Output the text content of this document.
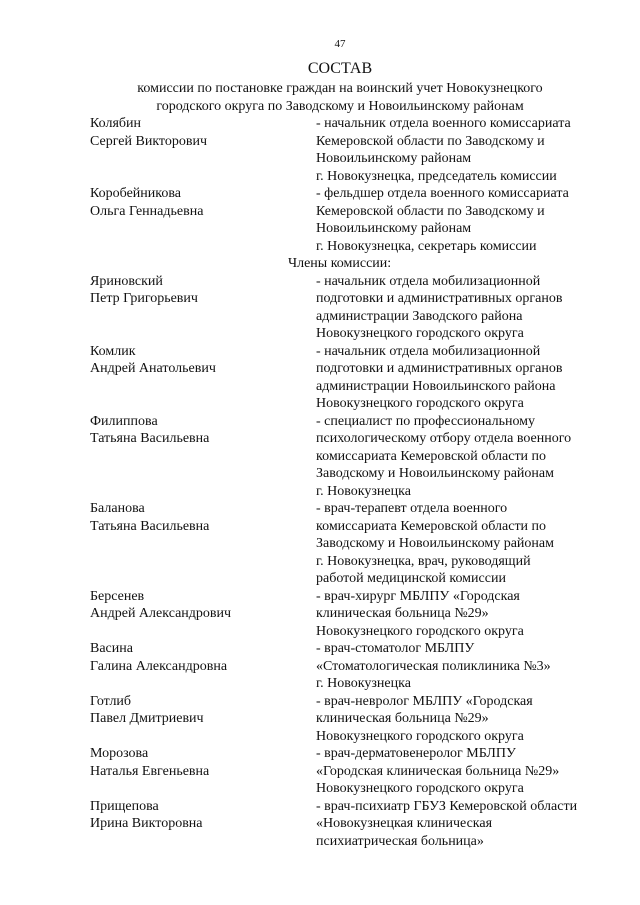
47
СОСТАВ
комиссии по постановке граждан на воинский учет Новокузнецкого
городского округа по Заводскому и Новоильинскому районам
Колябин
Сергей Викторович
- начальник отдела военного комиссариата
Кемеровской области по Заводскому и
Новоильинскому районам
г. Новокузнецка, председатель комиссии
Коробейникова
Ольга Геннадьевна
- фельдшер отдела военного комиссариата
Кемеровской области по Заводскому и
Новоильинскому районам
г. Новокузнецка, секретарь комиссии
Члены комиссии:
Яриновский
Петр Григорьевич
- начальник отдела мобилизационной
подготовки и административных органов
администрации Заводского района
Новокузнецкого городского округа
Комлик
Андрей Анатольевич
- начальник отдела мобилизационной
подготовки и административных органов
администрации Новоильинского района
Новокузнецкого городского округа
Филиппова
Татьяна Васильевна
- специалист по профессиональному
психологическому отбору отдела военного
комиссариата Кемеровской области по
Заводскому и Новоильинскому районам
г. Новокузнецка
Баланова
Татьяна Васильевна
- врач-терапевт отдела военного
комиссариата Кемеровской области по
Заводскому и Новоильинскому районам
г. Новокузнецка, врач, руководящий
работой медицинской комиссии
Берсенев
Андрей Александрович
- врач-хирург МБЛПУ «Городская
клиническая больница №29»
Новокузнецкого городского округа
Васина
Галина Александровна
- врач-стоматолог МБЛПУ
«Стоматологическая поликлиника №3»
г. Новокузнецка
Готлиб
Павел Дмитриевич
- врач-невролог МБЛПУ «Городская
клиническая больница №29»
Новокузнецкого городского округа
Морозова
Наталья Евгеньевна
- врач-дерматовенеролог МБЛПУ
«Городская клиническая больница №29»
Новокузнецкого городского округа
Прищепова
Ирина Викторовна
- врач-психиатр ГБУЗ Кемеровской области
«Новокузнецкая клиническая
психиатрическая больница»
